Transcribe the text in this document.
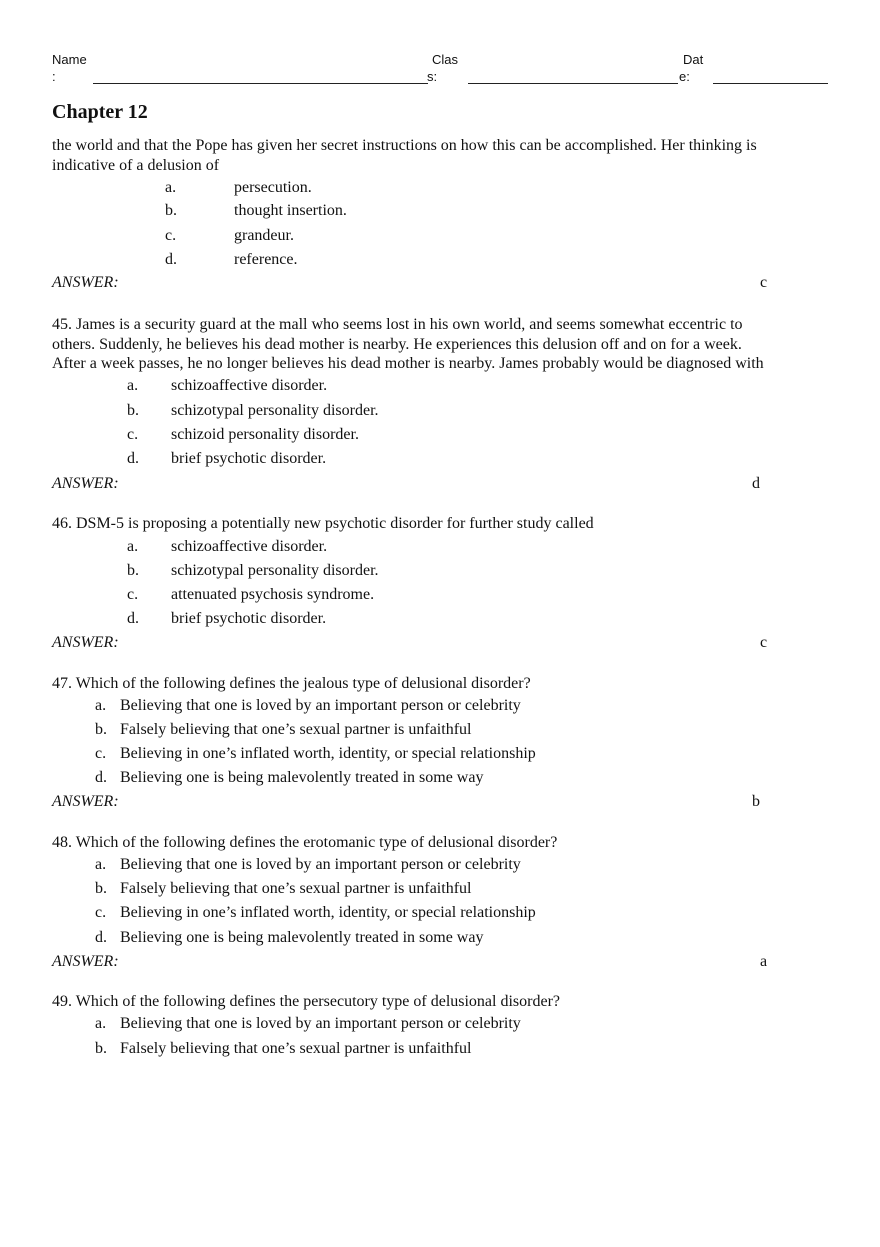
Name
:
Clas
s:
Dat
e:
Chapter 12
the world and that the Pope has given her secret instructions on how this can be accomplished. Her thinking is
indicative of a delusion of
a.	persecution.
b.	thought insertion.
c.	grandeur.
d.	reference.
ANSWER:	c
45. James is a security guard at the mall who seems lost in his own world, and seems somewhat eccentric to
others. Suddenly, he believes his dead mother is nearby. He experiences this delusion off and on for a week.
After a week passes, he no longer believes his dead mother is nearby. James probably would be diagnosed with
a. schizoaffective disorder.
b. schizotypal personality disorder.
c. schizoid personality disorder.
d. brief psychotic disorder.
ANSWER:	d
46. DSM-5 is proposing a potentially new psychotic disorder for further study called
a. schizoaffective disorder.
b. schizotypal personality disorder.
c. attenuated psychosis syndrome.
d. brief psychotic disorder.
ANSWER:	c
47. Which of the following defines the jealous type of delusional disorder?
a. Believing that one is loved by an important person or celebrity
b. Falsely believing that one’s sexual partner is unfaithful
c. Believing in one’s inflated worth, identity, or special relationship
d. Believing one is being malevolently treated in some way
ANSWER:	b
48. Which of the following defines the erotomanic type of delusional disorder?
a. Believing that one is loved by an important person or celebrity
b. Falsely believing that one’s sexual partner is unfaithful
c. Believing in one’s inflated worth, identity, or special relationship
d. Believing one is being malevolently treated in some way
ANSWER:	a
49. Which of the following defines the persecutory type of delusional disorder?
a. Believing that one is loved by an important person or celebrity
b. Falsely believing that one’s sexual partner is unfaithful
